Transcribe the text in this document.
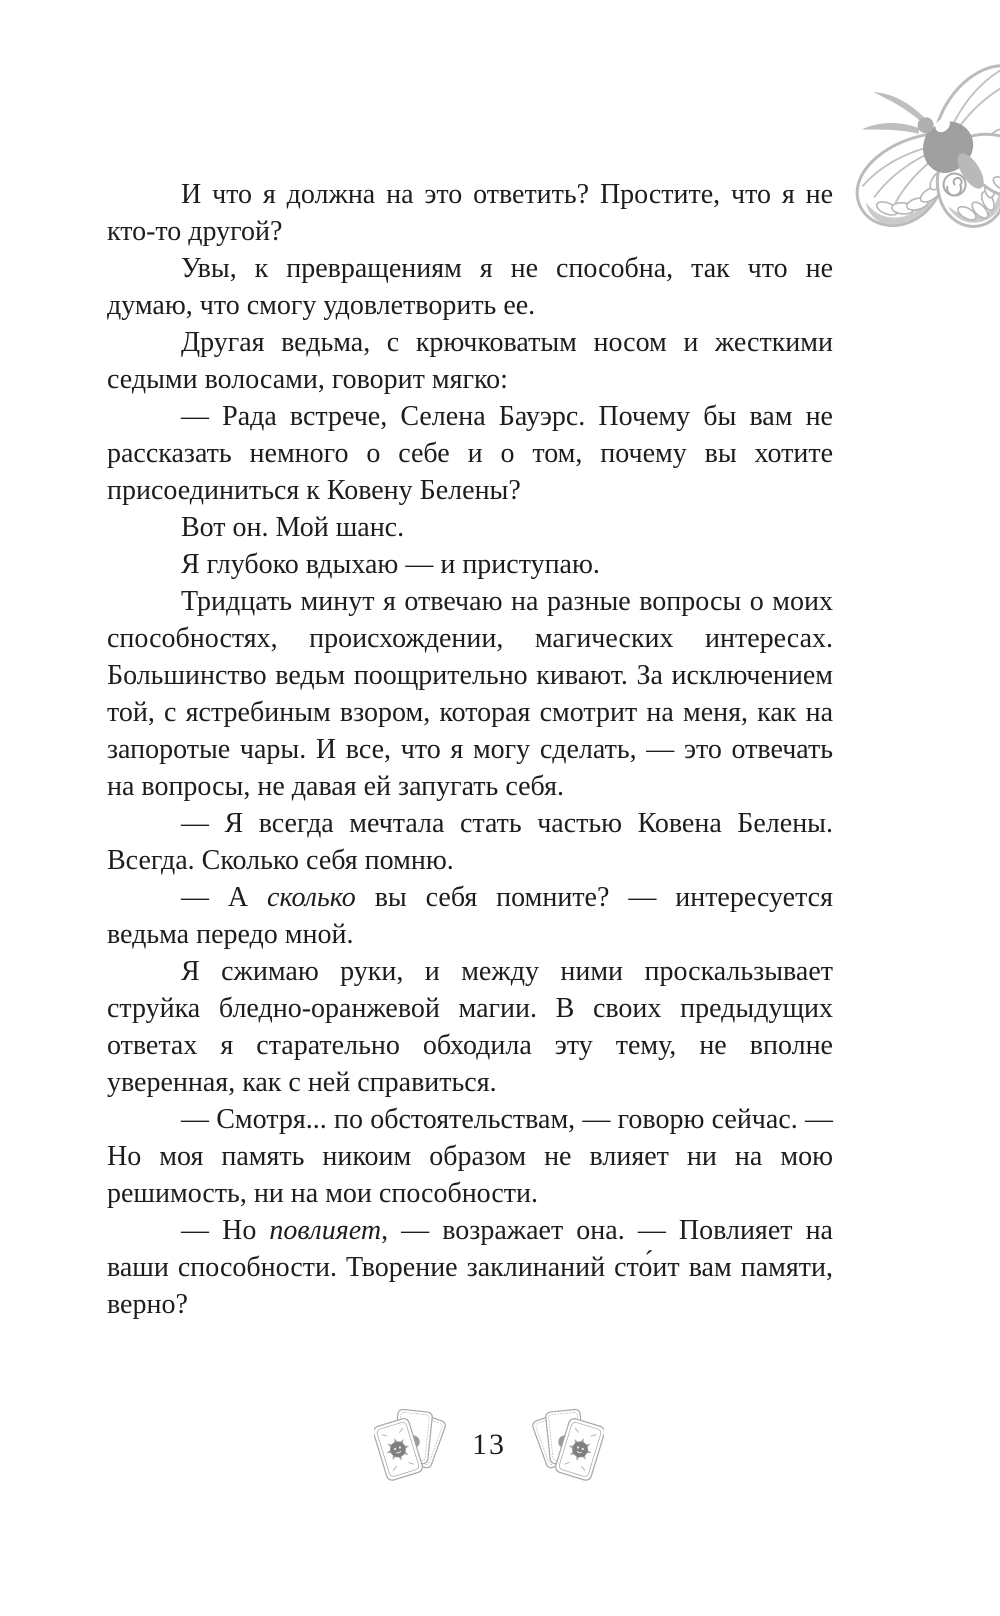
И что я должна на это ответить? Простите, что я не кто-то другой?

Увы, к превращениям я не способна, так что не думаю, что смогу удовлетворить ее.

Другая ведьма, с крючковатым носом и жесткими седыми волосами, говорит мягко:

— Рада встрече, Селена Бауэрс. Почему бы вам не рассказать немного о себе и о том, почему вы хотите присоединиться к Ковену Белены?

Вот он. Мой шанс.

Я глубоко вдыхаю — и приступаю.

Тридцать минут я отвечаю на разные вопросы о моих способностях, происхождении, магических интересах. Большинство ведьм поощрительно кивают. За исключением той, с ястребиным взором, которая смотрит на меня, как на запоротые чары. И все, что я могу сделать, — это отвечать на вопросы, не давая ей запугать себя.

— Я всегда мечтала стать частью Ковена Белены. Всегда. Сколько себя помню.

— А сколько вы себя помните? — интересуется ведьма передо мной.

Я сжимаю руки, и между ними проскальзывает струйка бледно-оранжевой магии. В своих предыдущих ответах я старательно обходила эту тему, не вполне уверенная, как с ней справиться.

— Смотря... по обстоятельствам, — говорю сейчас. — Но моя память никоим образом не влияет ни на мою решимость, ни на мои способности.

— Но повлияет, — возражает она. — Повлияет на ваши способности. Творение заклинаний сто́ит вам памяти, верно?

13
